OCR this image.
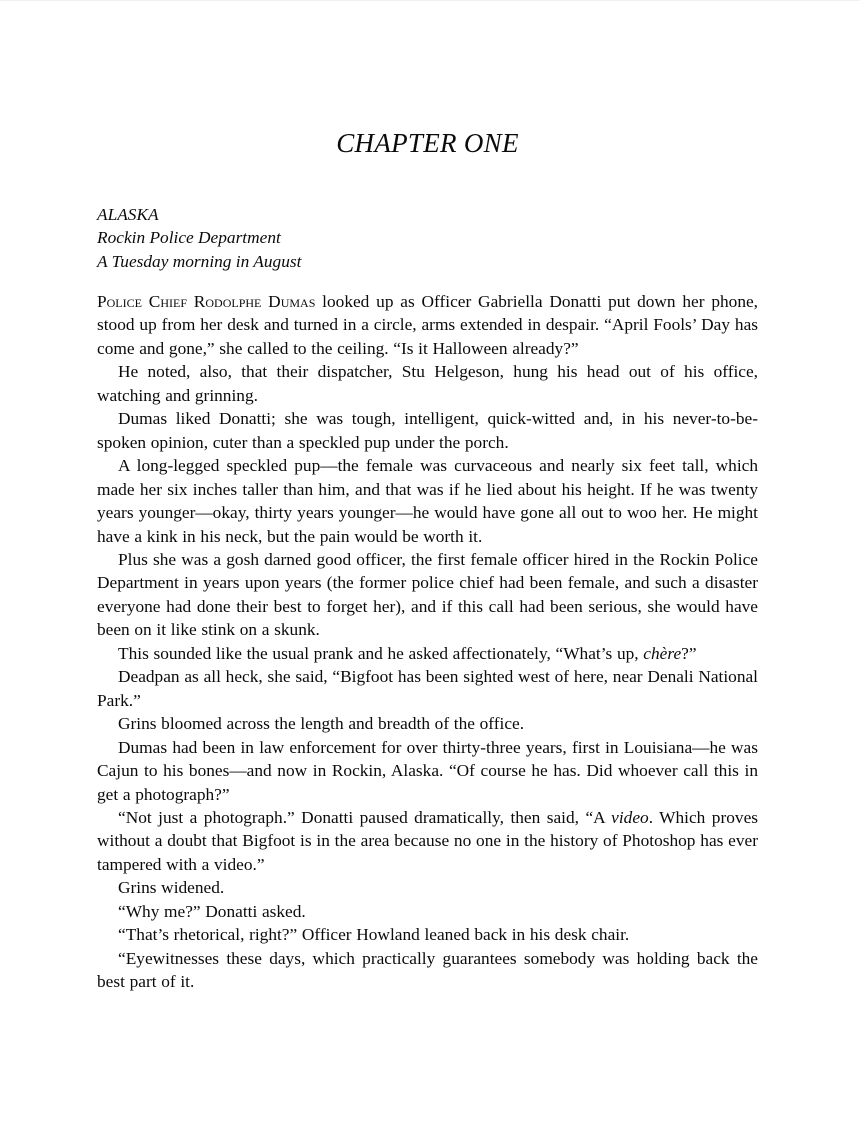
CHAPTER ONE
ALASKA
Rockin Police Department
A Tuesday morning in August

Police Chief Rodolphe Dumas looked up as Officer Gabriella Donatti put down her phone, stood up from her desk and turned in a circle, arms extended in despair. “April Fools’ Day has come and gone,” she called to the ceiling. “Is it Halloween already?”

He noted, also, that their dispatcher, Stu Helgeson, hung his head out of his office, watching and grinning.

Dumas liked Donatti; she was tough, intelligent, quick-witted and, in his never-to-be-spoken opinion, cuter than a speckled pup under the porch.

A long-legged speckled pup—the female was curvaceous and nearly six feet tall, which made her six inches taller than him, and that was if he lied about his height. If he was twenty years younger—okay, thirty years younger—he would have gone all out to woo her. He might have a kink in his neck, but the pain would be worth it.

Plus she was a gosh darned good officer, the first female officer hired in the Rockin Police Department in years upon years (the former police chief had been female, and such a disaster everyone had done their best to forget her), and if this call had been serious, she would have been on it like stink on a skunk.

This sounded like the usual prank and he asked affectionately, “What’s up, chère?”

Deadpan as all heck, she said, “Bigfoot has been sighted west of here, near Denali National Park.”

Grins bloomed across the length and breadth of the office.

Dumas had been in law enforcement for over thirty-three years, first in Louisiana—he was Cajun to his bones—and now in Rockin, Alaska. “Of course he has. Did whoever call this in get a photograph?”

“Not just a photograph.” Donatti paused dramatically, then said, “A video. Which proves without a doubt that Bigfoot is in the area because no one in the history of Photoshop has ever tampered with a video.”

Grins widened.

“Why me?” Donatti asked.

“That’s rhetorical, right?” Officer Howland leaned back in his desk chair.

“Eyewitnesses these days, which practically guarantees somebody was holding back the best part of it.
